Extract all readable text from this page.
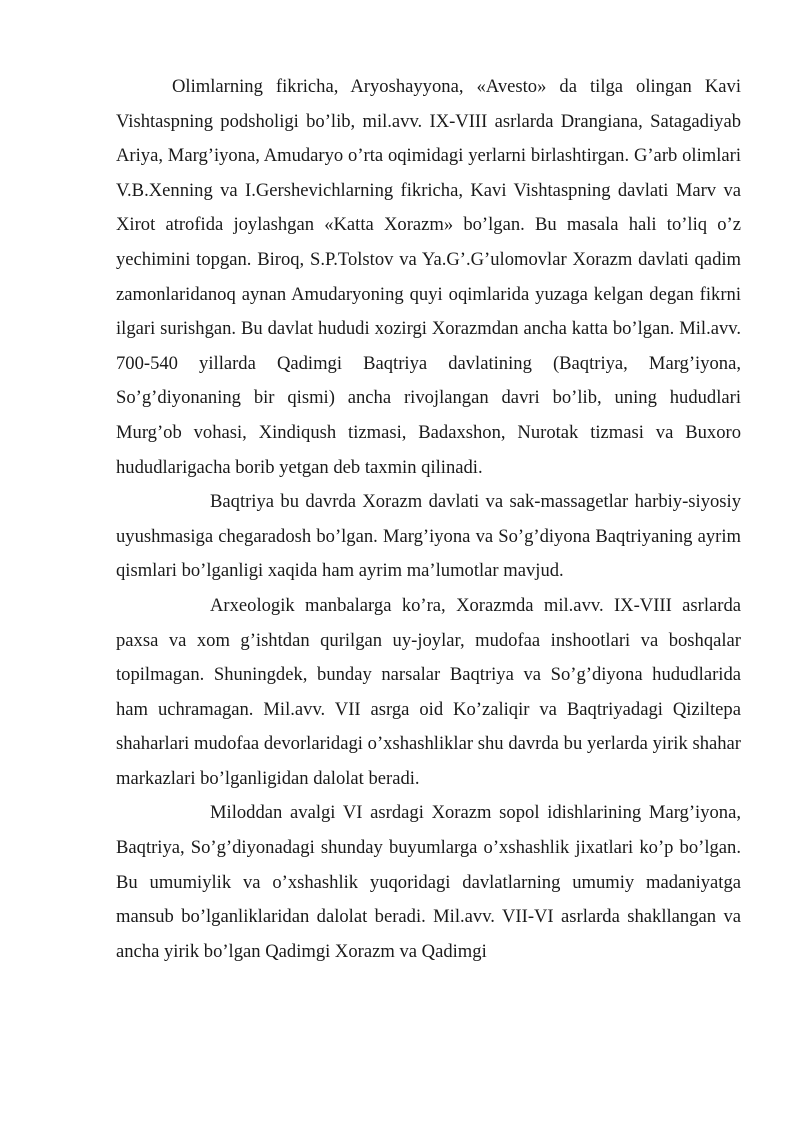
Olimlarning fikricha, Aryoshayyona, «Avesto» da tilga olingan Kavi Vishtaspning podsholigi bo’lib, mil.avv. IX-VIII asrlarda Drangiana, Satagadiyab Ariya, Marg’iyona, Amudaryo o’rta oqimidagi yerlarni birlashtirgan. G’arb olimlari V.B.Xenning va I.Gershevichlarning fikricha, Kavi Vishtaspning davlati Marv va Xirot atrofida joylashgan «Katta Xorazm» bo’lgan. Bu masala hali to’liq o’z yechimini topgan. Biroq, S.P.Tolstov va Ya.G’.G’ulomovlar Xorazm davlati qadim zamonlaridanoq aynan Amudaryoning quyi oqimlarida yuzaga kelgan degan fikrni ilgari surishgan. Bu davlat hududi xozirgi Xorazmdan ancha katta bo’lgan. Mil.avv. 700-540 yillarda Qadimgi Baqtriya davlatining (Baqtriya, Marg’iyona, So’g’diyonaning bir qismi) ancha rivojlangan davri bo’lib, uning hududlari Murg’ob vohasi, Xindiqush tizmasi, Badaxshon, Nurotak tizmasi va Buxoro hududlarigacha borib yetgan deb taxmin qilinadi.

Baqtriya bu davrda Xorazm davlati va sak-massagetlar harbiy-siyosiy uyushmasiga chegaradosh bo’lgan. Marg’iyona va So’g’diyona Baqtriyaning ayrim qismlari bo’lganligi xaqida ham ayrim ma’lumotlar mavjud.

Arxeologik manbalarga ko’ra, Xorazmda mil.avv. IX-VIII asrlarda paxsa va xom g’ishtdan qurilgan uy-joylar, mudofaa inshootlari va boshqalar topilmagan. Shuningdek, bunday narsalar Baqtriya va So’g’diyona hududlarida ham uchramagan. Mil.avv. VII asrga oid Ko’zaliqir va Baqtriyadagi Qiziltepa shaharlari mudofaa devorlaridagi o’xshashliklar shu davrda bu yerlarda yirik shahar markazlari bo’lganligidan dalolat beradi.

Miloddan avalgi VI asrdagi Xorazm sopol idishlarining Marg’iyona, Baqtriya, So’g’diyonadagi shunday buyumlarga o’xshashlik jixatlari ko’p bo’lgan. Bu umumiylik va o’xshashlik yuqoridagi davlatlarning umumiy madaniyatga mansub bo’lganliklaridan dalolat beradi. Mil.avv. VII-VI asrlarda shakllangan va ancha yirik bo’lgan Qadimgi Xorazm va Qadimgi
